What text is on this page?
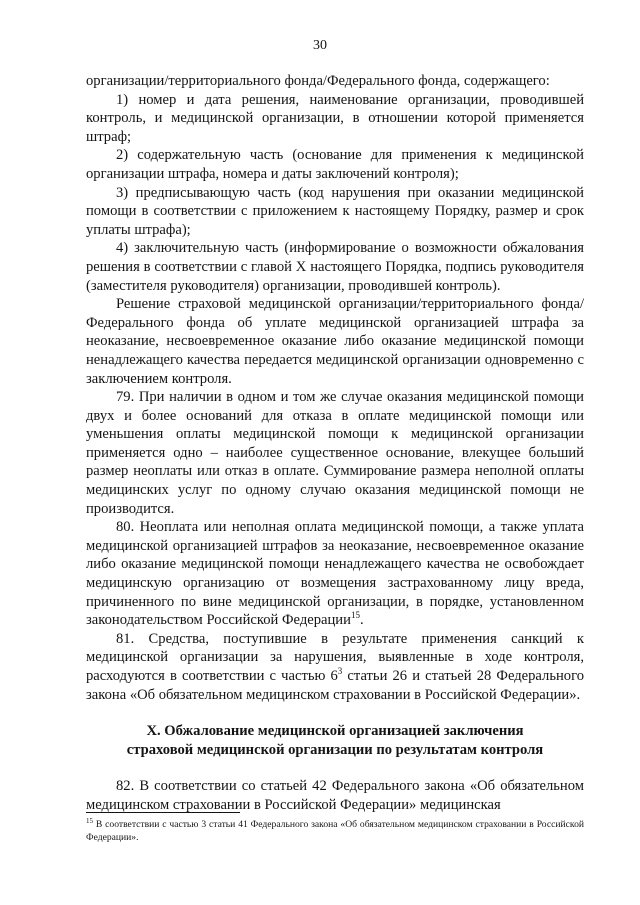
30

организации/территориального фонда/Федерального фонда, содержащего:

1) номер и дата решения, наименование организации, проводившей контроль, и медицинской организации, в отношении которой применяется штраф;

2) содержательную часть (основание для применения к медицинской организации штрафа, номера и даты заключений контроля);

3) предписывающую часть (код нарушения при оказании медицинской помощи в соответствии с приложением к настоящему Порядку, размер и срок уплаты штрафа);

4) заключительную часть (информирование о возможности обжалования решения в соответствии с главой X настоящего Порядка, подпись руководителя (заместителя руководителя) организации, проводившей контроль).

Решение страховой медицинской организации/территориального фонда/Федерального фонда об уплате медицинской организацией штрафа за неоказание, несвоевременное оказание либо оказание медицинской помощи ненадлежащего качества передается медицинской организации одновременно с заключением контроля.

79. При наличии в одном и том же случае оказания медицинской помощи двух и более оснований для отказа в оплате медицинской помощи или уменьшения оплаты медицинской помощи к медицинской организации применяется одно – наиболее существенное основание, влекущее больший размер неоплаты или отказ в оплате. Суммирование размера неполной оплаты медицинских услуг по одному случаю оказания медицинской помощи не производится.

80. Неоплата или неполная оплата медицинской помощи, а также уплата медицинской организацией штрафов за неоказание, несвоевременное оказание либо оказание медицинской помощи ненадлежащего качества не освобождает медицинскую организацию от возмещения застрахованному лицу вреда, причиненного по вине медицинской организации, в порядке, установленном законодательством Российской Федерации$^{15}$.

81. Средства, поступившие в результате применения санкций к медицинской организации за нарушения, выявленные в ходе контроля, расходуются в соответствии с частью $6^3$ статьи 26 и статьей 28 Федерального закона «Об обязательном медицинском страховании в Российской Федерации».

X. Обжалование медицинской организацией заключения
страховой медицинской организации по результатам контроля

82. В соответствии со статьей 42 Федерального закона «Об обязательном медицинском страховании в Российской Федерации» медицинская

$^{15}$ В соответствии с частью 3 статьи 41 Федерального закона «Об обязательном медицинском страховании в Российской Федерации».
